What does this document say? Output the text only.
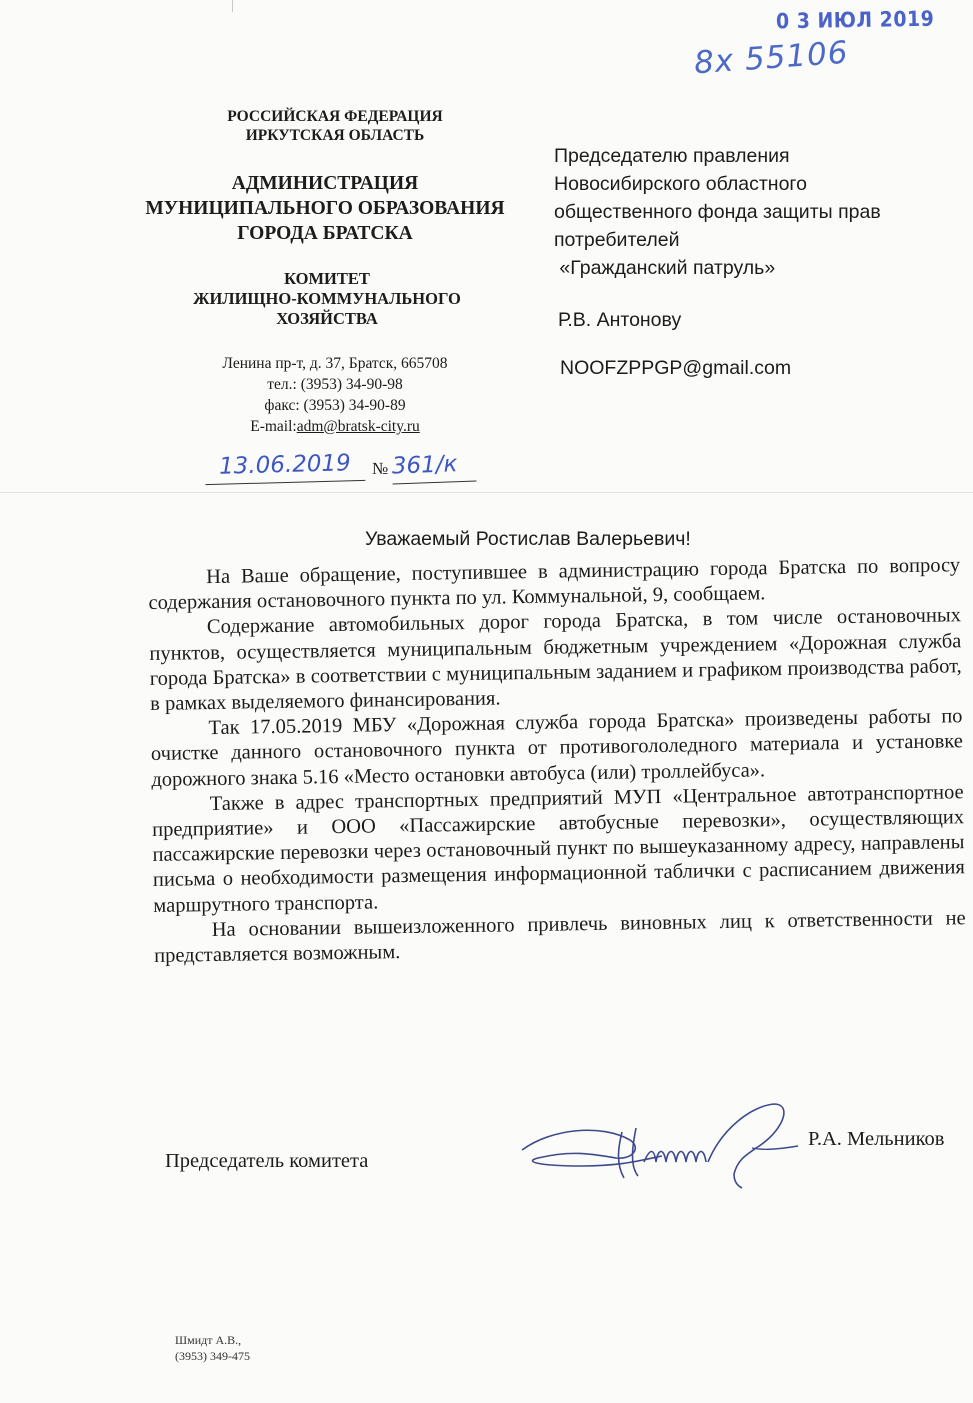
0 3 ИЮЛ 2019
8х 55106
РОССИЙСКАЯ ФЕДЕРАЦИЯ
ИРКУТСКАЯ ОБЛАСТЬ
АДМИНИСТРАЦИЯ
МУНИЦИПАЛЬНОГО ОБРАЗОВАНИЯ
ГОРОДА БРАТСКА
КОМИТЕТ
ЖИЛИЩНО-КОММУНАЛЬНОГО
ХОЗЯЙСТВА
Ленина пр-т, д. 37, Братск, 665708
тел.: (3953) 34-90-98
факс: (3953) 34-90-89
E-mail:adm@bratsk-city.ru
13.06.2019	№ 361/к
Председателю правления
Новосибирского областного
общественного фонда защиты прав
потребителей
«Гражданский патруль»
Р.В. Антонову
NOOFZPPGP@gmail.com
Уважаемый Ростислав Валерьевич!

На Ваше обращение, поступившее в администрацию города Братска по вопросу содержания остановочного пункта по ул. Коммунальной, 9, сообщаем.

Содержание автомобильных дорог города Братска, в том числе остановочных пунктов, осуществляется муниципальным бюджетным учреждением «Дорожная служба города Братска» в соответствии с муниципальным заданием и графиком производства работ, в рамках выделяемого финансирования.

Так 17.05.2019 МБУ «Дорожная служба города Братска» произведены работы по очистке данного остановочного пункта от противогололедного материала и установке дорожного знака 5.16 «Место остановки автобуса (или) троллейбуса».

Также в адрес транспортных предприятий МУП «Центральное автотранспортное предприятие» и ООО «Пассажирские автобусные перевозки», осуществляющих пассажирские перевозки через остановочный пункт по вышеуказанному адресу, направлены письма о необходимости размещения информационной таблички с расписанием движения маршрутного транспорта.

На основании вышеизложенного привлечь виновных лиц к ответственности не представляется возможным.

Председатель комитета
Р.А. Мельников
Шмидт А.В.,
(3953) 349-475
